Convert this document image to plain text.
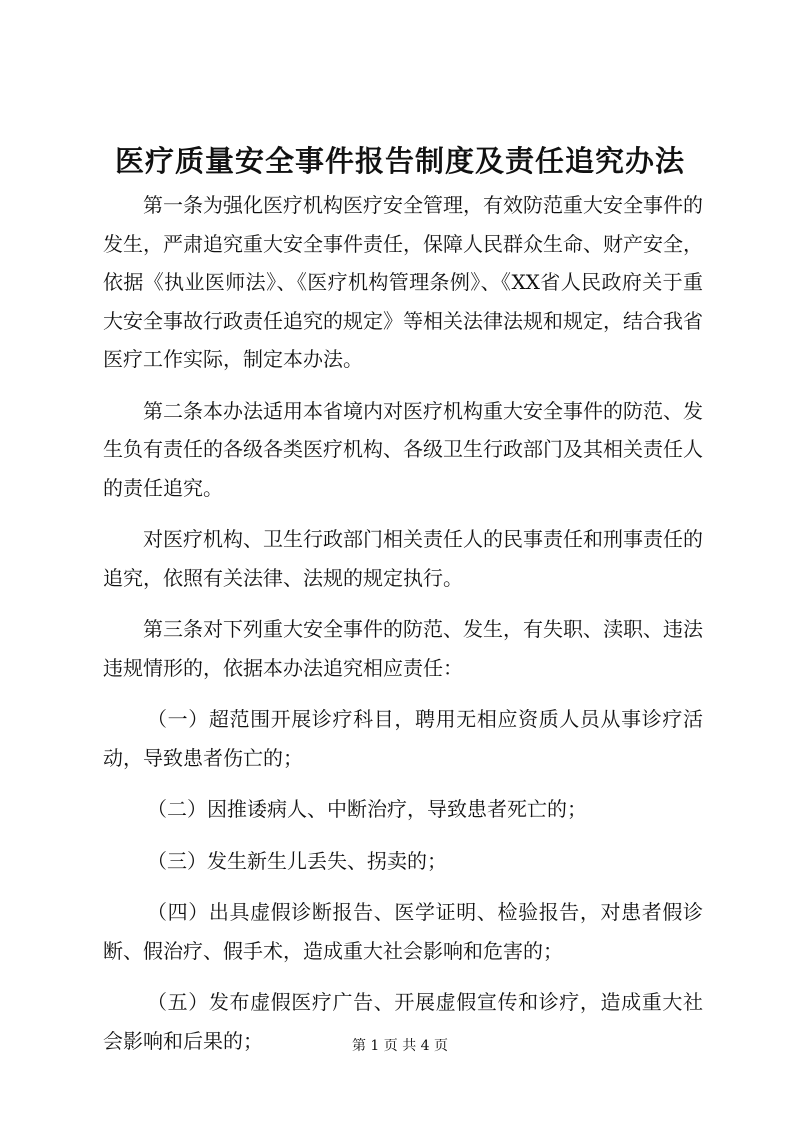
医疗质量安全事件报告制度及责任追究办法

第一条为强化医疗机构医疗安全管理，有效防范重大安全事件的发生，严肃追究重大安全事件责任，保障人民群众生命、财产安全，依据《执业医师法》、《医疗机构管理条例》、《XX省人民政府关于重大安全事故行政责任追究的规定》等相关法律法规和规定，结合我省医疗工作实际，制定本办法。

第二条本办法适用本省境内对医疗机构重大安全事件的防范、发生负有责任的各级各类医疗机构、各级卫生行政部门及其相关责任人的责任追究。

对医疗机构、卫生行政部门相关责任人的民事责任和刑事责任的追究，依照有关法律、法规的规定执行。

第三条对下列重大安全事件的防范、发生，有失职、渎职、违法违规情形的，依据本办法追究相应责任：

（一）超范围开展诊疗科目，聘用无相应资质人员从事诊疗活动，导致患者伤亡的；

（二）因推诿病人、中断治疗，导致患者死亡的；

（三）发生新生儿丢失、拐卖的；

（四）出具虚假诊断报告、医学证明、检验报告，对患者假诊断、假治疗、假手术，造成重大社会影响和危害的；

（五）发布虚假医疗广告、开展虚假宣传和诊疗，造成重大社会影响和后果的；	第 1 页 共 4 页
